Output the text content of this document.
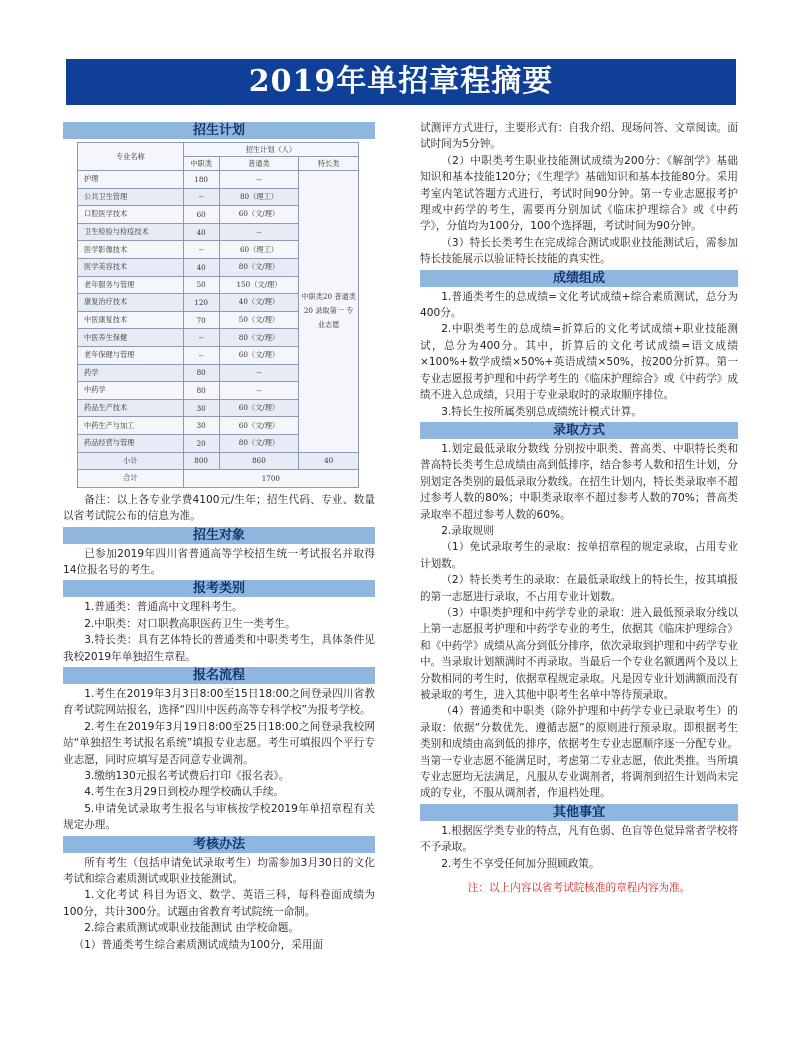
2019年单招章程摘要
招生计划
专业名称	招生计划（人）		
	中职类	普通类	特长类
护理	180	--	中职类20 普通类20 录取第一 专业志愿
公共卫生管理	--	80（理工）	
口腔医学技术	60	60（文/理）	
卫生检验与检疫技术	40	--	
医学影像技术	--	60（理工）	
医学美容技术	40	80（文/理）	
老年服务与管理	50	150（文/理）	
康复治疗技术	120	40（文/理）	
中医康复技术	70	50（文/理）	
中医养生保健	--	80（文/理）	
老年保健与管理	--	60（文/理）	
药学	80	--	
中药学	80	--	
药品生产技术	30	60（文/理）	
中药生产与加工	30	60（文/理）	
药品经营与管理	20	80（文/理）	
小计	800	860	40
合计	1700		
备注：以上各专业学费4100元/生年；招生代码、专业、数量以省考试院公布的信息为准。
招生对象
已参加2019年四川省普通高等学校招生统一考试报名并取得14位报名号的考生。
报考类别
1.普通类：普通高中文理科考生。
2.中职类：对口职教高职医药卫生一类考生。
3.特长类：具有艺体特长的普通类和中职类考生，具体条件见我校2019年单独招生章程。
报名流程
1.考生在2019年3月3日8:00至15日18:00之间登录四川省教育考试院网站报名，选择“四川中医药高等专科学校”为报考学校。
2.考生在2019年3月19日8:00至25日18:00之间登录我校网站“单独招生考试报名系统”填报专业志愿。考生可填报四个平行专业志愿，同时应填写是否同意专业调剂。
3.缴纳130元报名考试费后打印《报名表》。
4.考生在3月29日到校办理学校确认手续。
5.申请免试录取考生报名与审核按学校2019年单招章程有关规定办理。
考核办法
所有考生（包括申请免试录取考生）均需参加3月30日的文化考试和综合素质测试或职业技能测试。
1.文化考试 科目为语文、数学、英语三科，每科卷面成绩为100分，共计300分。试题由省教育考试院统一命制。
2.综合素质测试或职业技能测试 由学校命题。
（1）普通类考生综合素质测试成绩为100分，采用面
试测评方式进行，主要形式有：自我介绍、现场问答、文章阅读。面试时间为5分钟。
（2）中职类考生职业技能测试成绩为200分：《解剖学》基础知识和基本技能120分；《生理学》基础知识和基本技能80分。采用考室内笔试答题方式进行，考试时间90分钟。第一专业志愿报考护理或中药学的考生，需要再分别加试《临床护理综合》或《中药学》，分值均为100分，100个选择题，考试时间为90分钟。
（3）特长长类考生在完成综合测试或职业技能测试后，需参加特长技能展示以验证特长技能的真实性。
成绩组成
1.普通类考生的总成绩=文化考试成绩+综合素质测试，总分为400分。
2.中职类考生的总成绩=折算后的文化考试成绩+职业技能测试，总分为400分。其中，折算后的文化考试成绩=语文成绩×100%+数学成绩×50%+英语成绩×50%，按200分折算。第一专业志愿报考护理和中药学考生的《临床护理综合》或《中药学》成绩不进入总成绩，只用于专业录取时的录取顺序排位。
3.特长生按所属类别总成绩统计模式计算。
录取方式
1.划定最低录取分数线 分别按中职类、普高类、中职特长类和普高特长类考生总成绩由高到低排序，结合参考人数和招生计划，分别划定各类别的最低录取分数线。在招生计划内，特长类录取率不超过参考人数的80%；中职类录取率不超过参考人数的70%；普高类录取率不超过参考人数的60%。
2.录取规则
（1）免试录取考生的录取：按单招章程的规定录取，占用专业计划数。
（2）特长类考生的录取：在最低录取线上的特长生，按其填报的第一志愿进行录取，不占用专业计划数。
（3）中职类护理和中药学专业的录取：进入最低预录取分线以上第一志愿报考护理和中药学专业的考生，依据其《临床护理综合》和《中药学》成绩从高分到低分排序，依次录取到护理和中药学专业中。当录取计划额满时不再录取。当最后一个专业名额遇两个及以上分数相同的考生时，依据章程规定录取。凡是因专业计划满额而没有被录取的考生，进入其他中职考生名单中等待预录取。
（4）普通类和中职类（除外护理和中药学专业已录取考生）的录取：依据“分数优先、遵循志愿”的原则进行预录取。即根据考生类别和成绩由高到低的排序，依据考生专业志愿顺序逐一分配专业。当第一专业志愿不能满足时，考虑第二专业志愿，依此类推。当所填专业志愿均无法满足，凡服从专业调剂者，将调剂到招生计划尚未完成的专业，不服从调剂者，作退档处理。
其他事宜
1.根据医学类专业的特点，凡有色弱、色盲等色觉异常者学校将不予录取。
2.考生不享受任何加分照顾政策。
注：以上内容以省考试院核准的章程内容为准。
